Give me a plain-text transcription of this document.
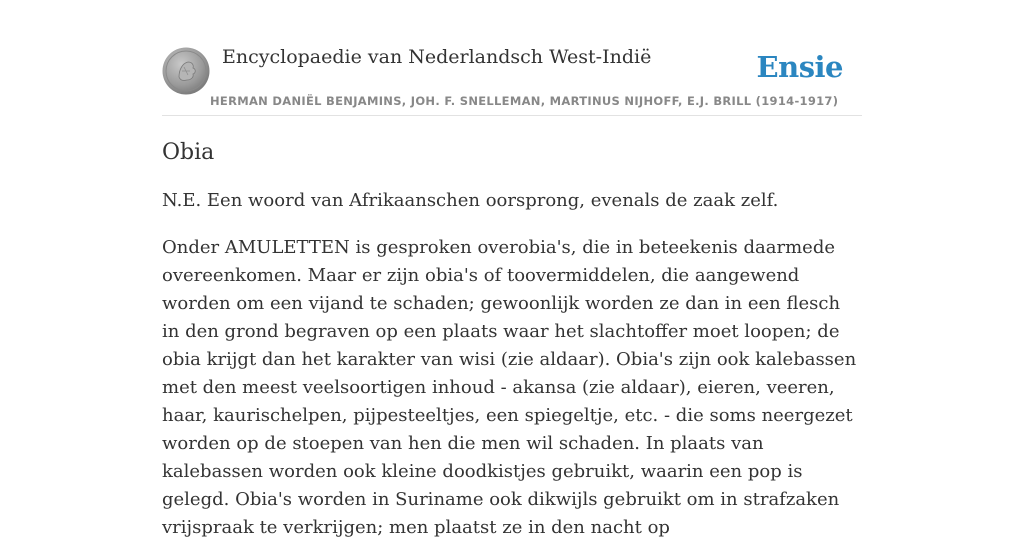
Encyclopaedie van Nederlandsch West-Indië	Ensie
HERMAN DANIËL BENJAMINS, JOH. F. SNELLEMAN, MARTINUS NIJHOFF, E.J. BRILL (1914-1917)
Obia

N.E. Een woord van Afrikaanschen oorsprong, evenals de zaak zelf.

Onder AMULETTEN is gesproken overobia's, die in beteekenis daarmede overeenkomen. Maar er zijn obia's of toovermiddelen, die aangewend worden om een vijand te schaden; gewoonlijk worden ze dan in een flesch in den grond begraven op een plaats waar het slachtoffer moet loopen; de obia krijgt dan het karakter van wisi (zie aldaar). Obia's zijn ook kalebassen met den meest veelsoortigen inhoud - akansa (zie aldaar), eieren, veeren, haar, kaurischelpen, pijpesteeltjes, een spiegeltje, etc. - die soms neergezet worden op de stoepen van hen die men wil schaden. In plaats van kalebassen worden ook kleine doodkistjes gebruikt, waarin een pop is gelegd. Obia's worden in Suriname ook dikwijls gebruikt om in strafzaken vrijspraak te verkrijgen; men plaatst ze in den nacht op
